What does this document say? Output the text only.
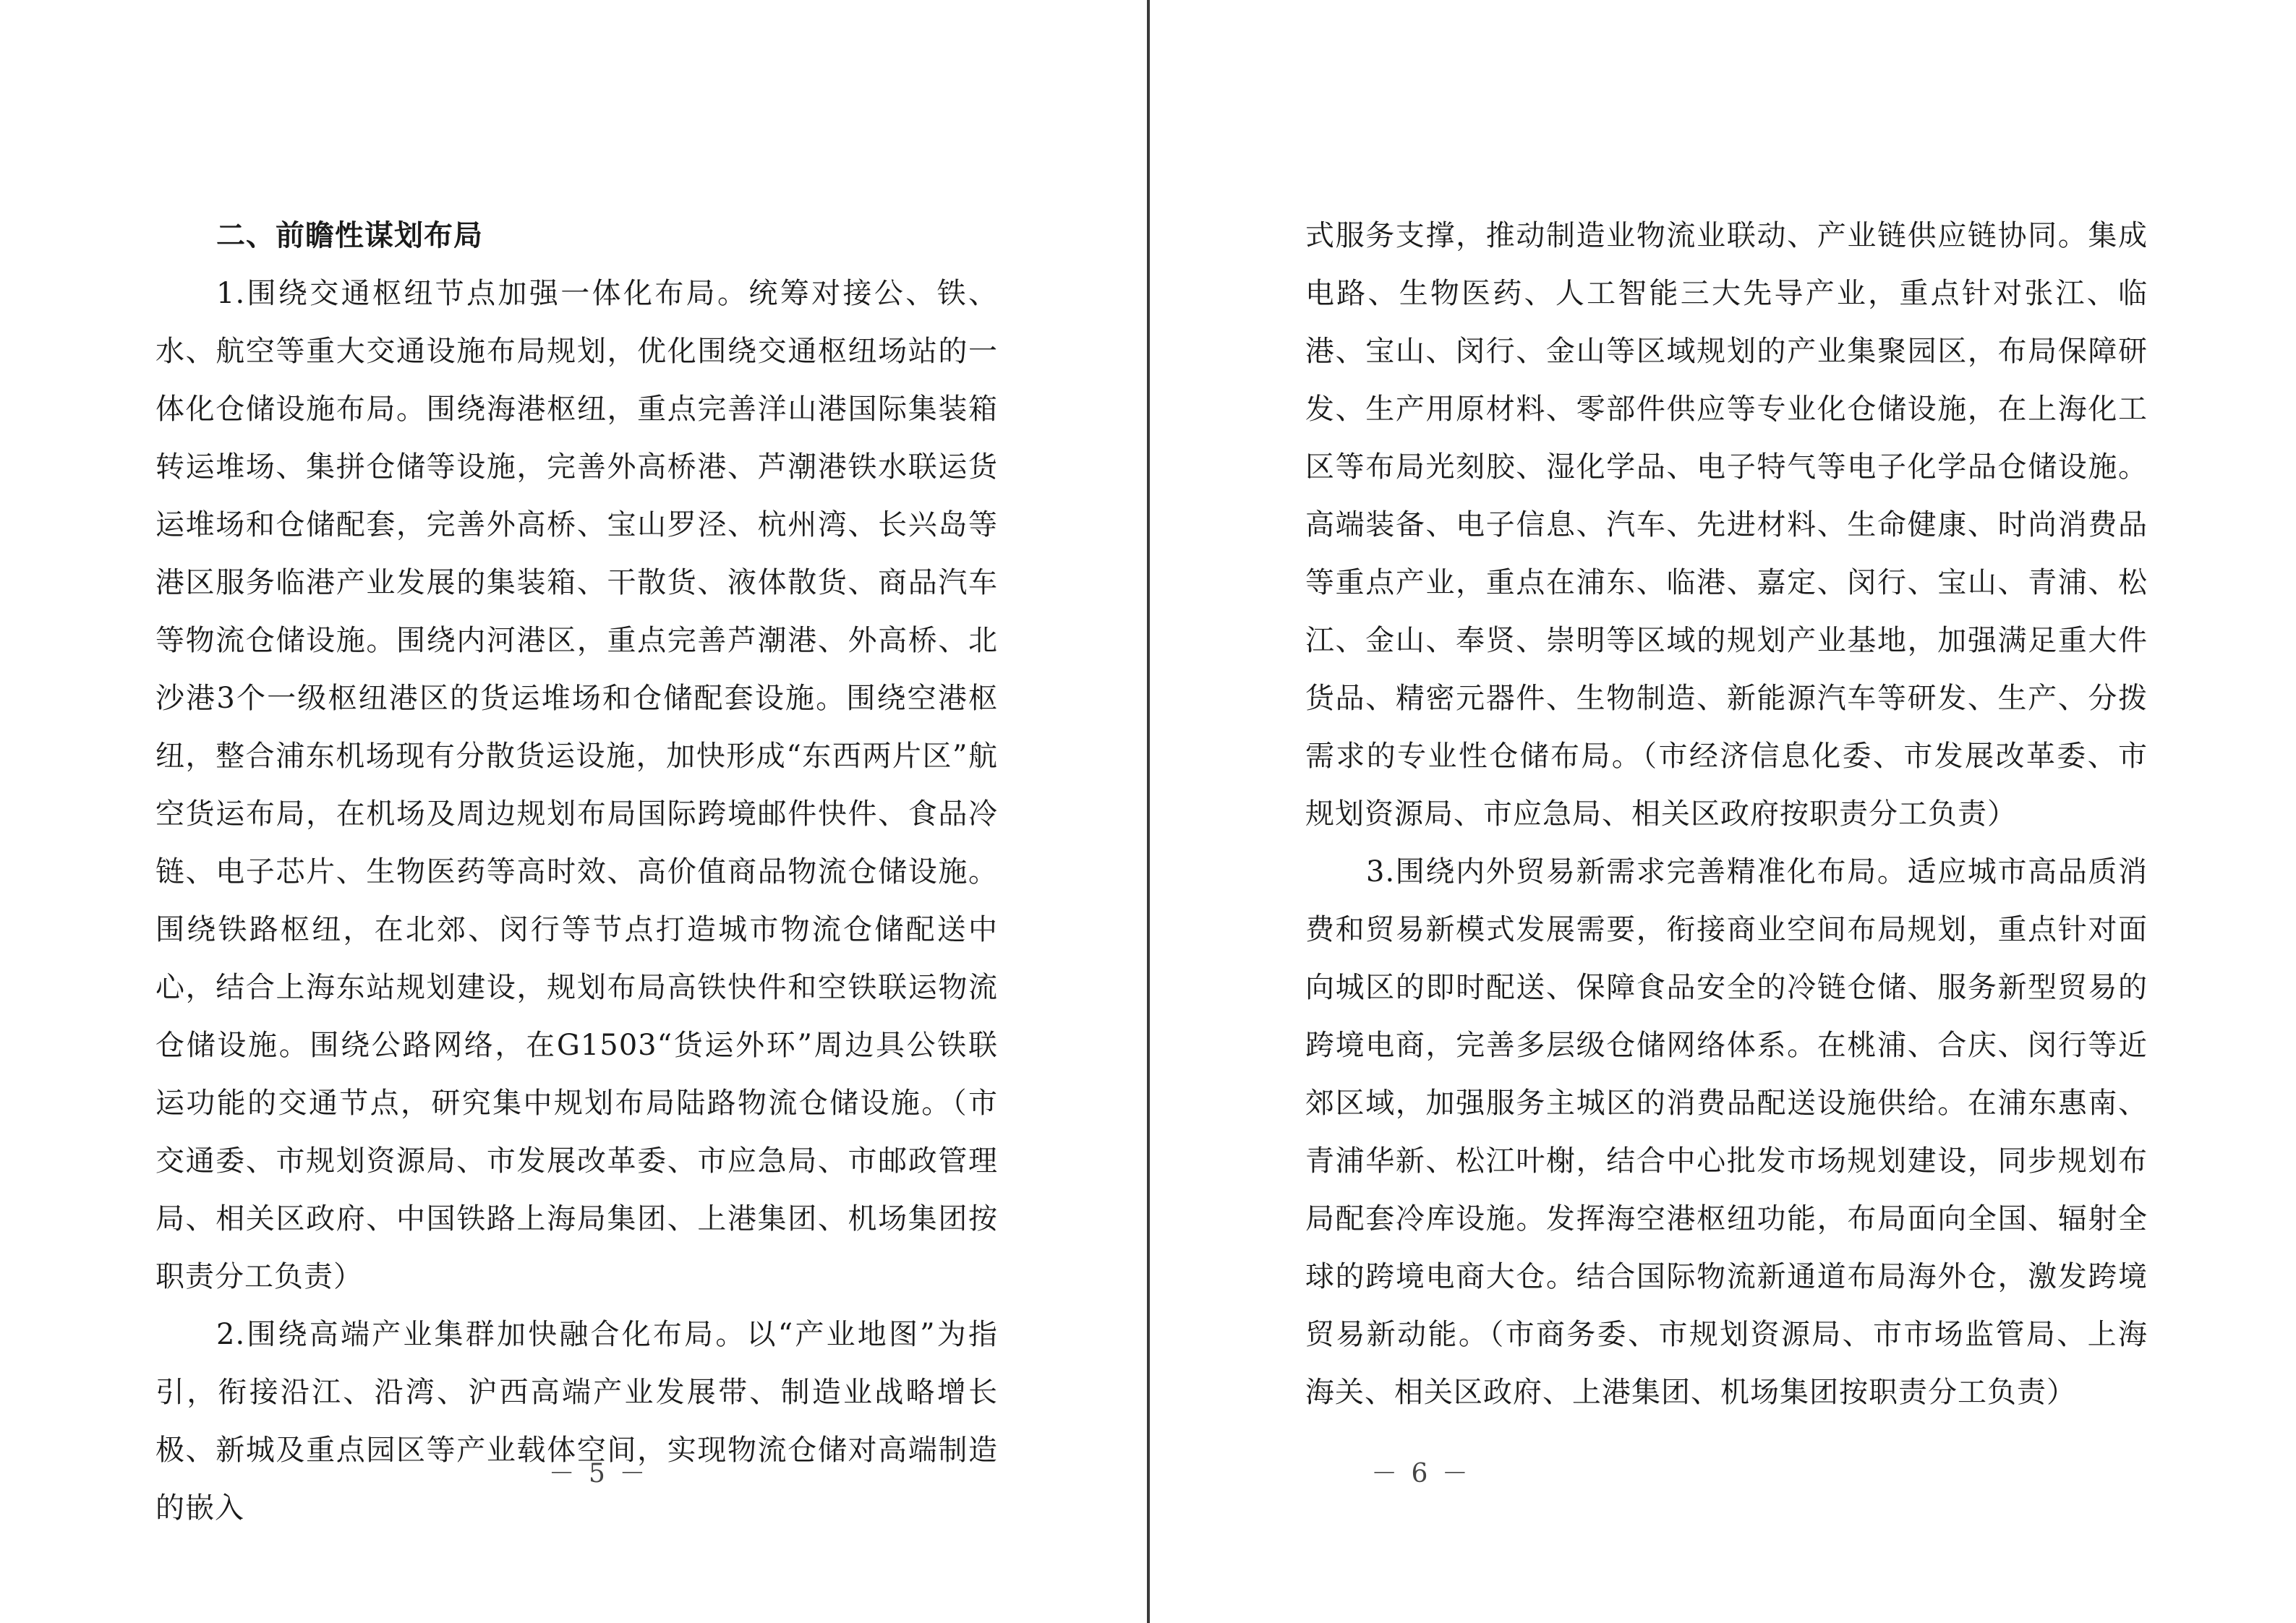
二、前瞻性谋划布局

1.围绕交通枢纽节点加强一体化布局。统筹对接公、铁、水、航空等重大交通设施布局规划，优化围绕交通枢纽场站的一体化仓储设施布局。围绕海港枢纽，重点完善洋山港国际集装箱转运堆场、集拼仓储等设施，完善外高桥港、芦潮港铁水联运货运堆场和仓储配套，完善外高桥、宝山罗泾、杭州湾、长兴岛等港区服务临港产业发展的集装箱、干散货、液体散货、商品汽车等物流仓储设施。围绕内河港区，重点完善芦潮港、外高桥、北沙港3个一级枢纽港区的货运堆场和仓储配套设施。围绕空港枢纽，整合浦东机场现有分散货运设施，加快形成“东西两片区”航空货运布局，在机场及周边规划布局国际跨境邮件快件、食品冷链、电子芯片、生物医药等高时效、高价值商品物流仓储设施。围绕铁路枢纽，在北郊、闵行等节点打造城市物流仓储配送中心，结合上海东站规划建设，规划布局高铁快件和空铁联运物流仓储设施。围绕公路网络，在G1503“货运外环”周边具公铁联运功能的交通节点，研究集中规划布局陆路物流仓储设施。（市交通委、市规划资源局、市发展改革委、市应急局、市邮政管理局、相关区政府、中国铁路上海局集团、上港集团、机场集团按职责分工负责）

2.围绕高端产业集群加快融合化布局。以“产业地图”为指引，衔接沿江、沿湾、沪西高端产业发展带、制造业战略增长极、新城及重点园区等产业载体空间，实现物流仓储对高端制造的嵌入

－ 5 －

式服务支撑，推动制造业物流业联动、产业链供应链协同。集成电路、生物医药、人工智能三大先导产业，重点针对张江、临港、宝山、闵行、金山等区域规划的产业集聚园区，布局保障研发、生产用原材料、零部件供应等专业化仓储设施，在上海化工区等布局光刻胶、湿化学品、电子特气等电子化学品仓储设施。高端装备、电子信息、汽车、先进材料、生命健康、时尚消费品等重点产业，重点在浦东、临港、嘉定、闵行、宝山、青浦、松江、金山、奉贤、崇明等区域的规划产业基地，加强满足重大件货品、精密元器件、生物制造、新能源汽车等研发、生产、分拨需求的专业性仓储布局。（市经济信息化委、市发展改革委、市规划资源局、市应急局、相关区政府按职责分工负责）

3.围绕内外贸易新需求完善精准化布局。适应城市高品质消费和贸易新模式发展需要，衔接商业空间布局规划，重点针对面向城区的即时配送、保障食品安全的冷链仓储、服务新型贸易的跨境电商，完善多层级仓储网络体系。在桃浦、合庆、闵行等近郊区域，加强服务主城区的消费品配送设施供给。在浦东惠南、青浦华新、松江叶榭，结合中心批发市场规划建设，同步规划布局配套冷库设施。发挥海空港枢纽功能，布局面向全国、辐射全球的跨境电商大仓。结合国际物流新通道布局海外仓，激发跨境贸易新动能。（市商务委、市规划资源局、市市场监管局、上海海关、相关区政府、上港集团、机场集团按职责分工负责）

－ 6 －
